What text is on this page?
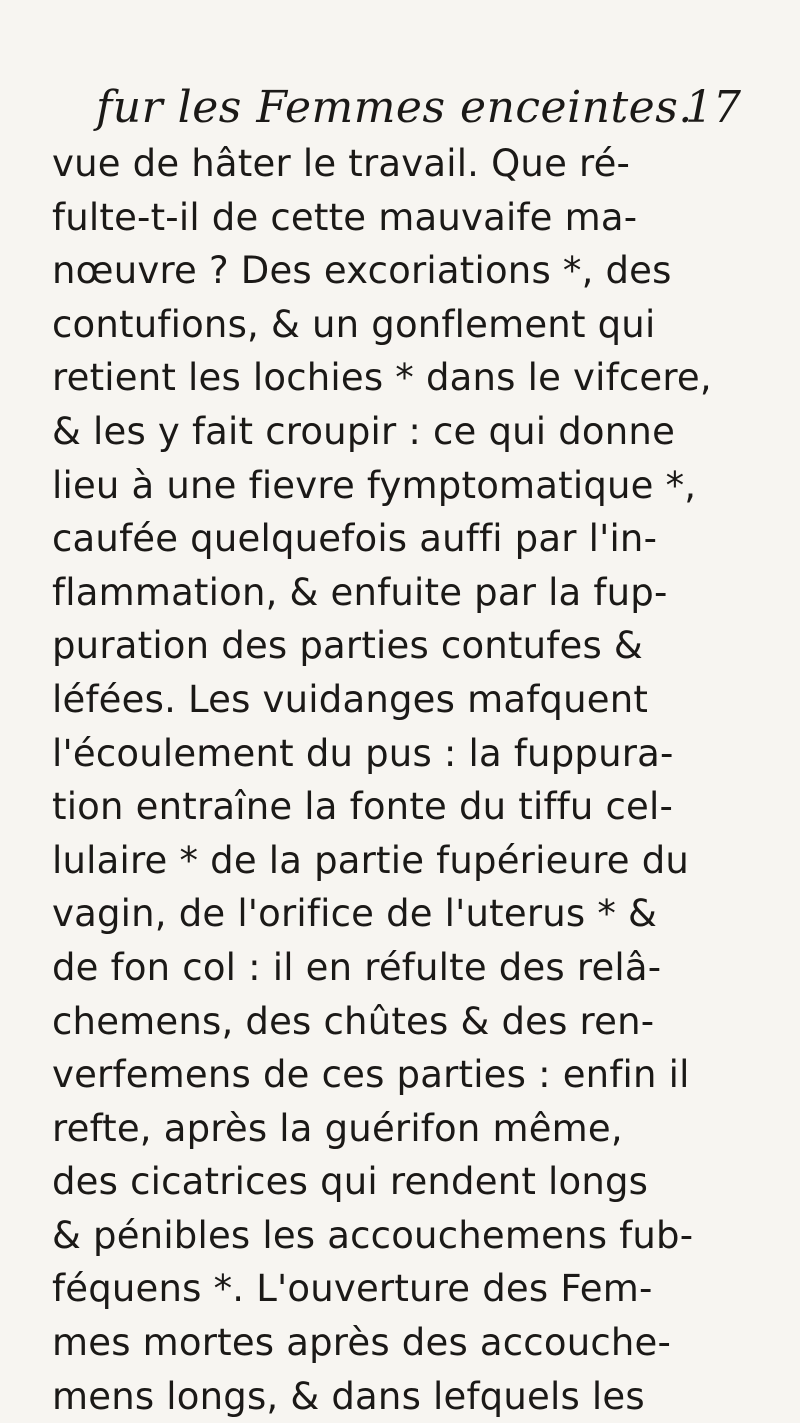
fur les Femmes enceintes.
17
vue de hâter le travail. Que ré-
fulte-t-il de cette mauvaife ma-
nœuvre ? Des excoriations *, des
contufions, & un gonflement qui
retient les lochies * dans le vifcere,
& les y fait croupir : ce qui donne
lieu à une fievre fymptomatique *,
caufée quelquefois auffi par l'in-
flammation, & enfuite par la fup-
puration des parties contufes &
léfées. Les vuidanges mafquent
l'écoulement du pus : la fuppura-
tion entraîne la fonte du tiffu cel-
lulaire * de la partie fupérieure du
vagin, de l'orifice de l'uterus * &
de fon col : il en réfulte des relâ-
chemens, des chûtes & des ren-
verfemens de ces parties : enfin il
refte, après la guérifon même,
des cicatrices qui rendent longs
& pénibles les accouchemens fub-
féquens *. L'ouverture des Fem-
mes mortes après des accouche-
mens longs, & dans lefquels les
